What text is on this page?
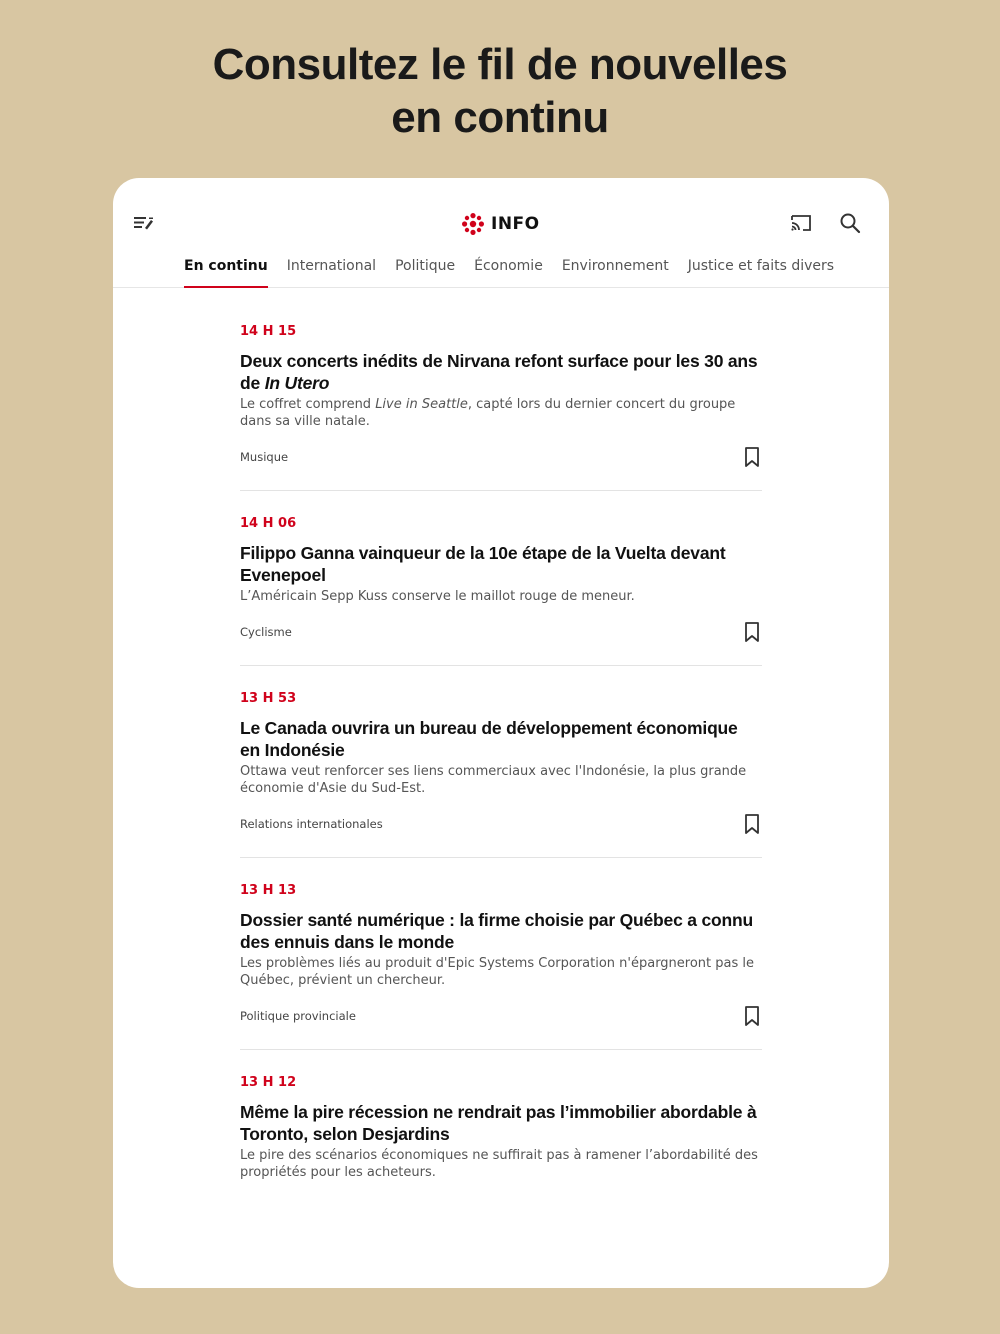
Consultez le fil de nouvelles
en continu
INFO
En continu International Politique Économie Environnement Justice et faits divers
14 H 15
Deux concerts inédits de Nirvana refont surface pour les 30 ans de In Utero
Le coffret comprend Live in Seattle, capté lors du dernier concert du groupe dans sa ville natale.
Musique
14 H 06
Filippo Ganna vainqueur de la 10e étape de la Vuelta devant Evenepoel
L’Américain Sepp Kuss conserve le maillot rouge de meneur.
Cyclisme
13 H 53
Le Canada ouvrira un bureau de développement économique en Indonésie
Ottawa veut renforcer ses liens commerciaux avec l'Indonésie, la plus grande économie d'Asie du Sud-Est.
Relations internationales
13 H 13
Dossier santé numérique : la firme choisie par Québec a connu des ennuis dans le monde
Les problèmes liés au produit d'Epic Systems Corporation n'épargneront pas le Québec, prévient un chercheur.
Politique provinciale
13 H 12
Même la pire récession ne rendrait pas l’immobilier abordable à Toronto, selon Desjardins
Le pire des scénarios économiques ne suffirait pas à ramener l’abordabilité des propriétés pour les acheteurs.
